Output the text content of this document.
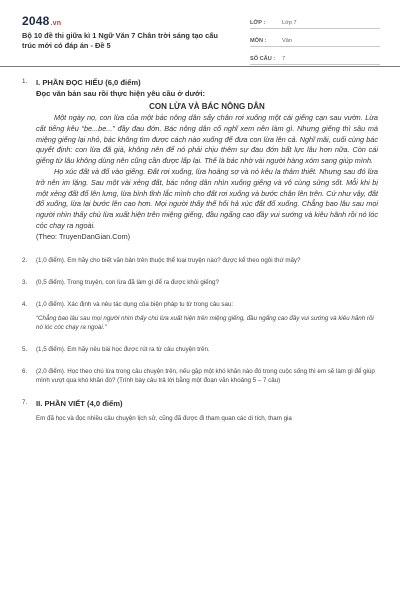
2048.vn
Bộ 10 đề thi giữa kì 1 Ngữ Văn 7 Chân trời sáng tạo cấu trúc mới có đáp án - Đề 5
LỚP :	Lớp 7
MÔN :	Văn
SỐ CÂU :	7
1. I. PHẦN ĐỌC HIỂU (6,0 điểm)
Đọc văn bản sau rồi thực hiện yêu cầu ở dưới:
CON LỪA VÀ BÁC NÔNG DÂN

Một ngày nọ, con lừa của một bác nông dân sẩy chân rơi xuống một cái giếng cạn sau vườn. Lừa cất tiếng kêu “be...be...” đầy đau đớn. Bác nông dân cố nghĩ xem nên làm gì. Nhưng giếng thì sâu mà miệng giếng lại nhỏ, bác không tìm được cách nào xuống để đưa con lừa lên cả. Nghĩ mãi, cuối cùng bác quyết định: con lừa đã già, không nên để nó phải chịu thêm sự đau đớn bất lực lâu hơn nữa. Còn cái giếng từ lâu không dùng nên cũng cần được lấp lại. Thế là bác nhờ vài người hàng xóm sang giúp mình.

Họ xúc đất và đổ vào giếng. Đất rơi xuống, lừa hoảng sợ và nó kêu la thảm thiết. Nhưng sau đó lừa trở nên im lặng. Sau một vài xẻng đất, bác nông dân nhìn xuống giếng và vô cùng sửng sốt. Mỗi khi bị một xẻng đất đổ lên lưng, lừa bình tĩnh lắc mình cho đất rơi xuống và bước chân lên trên. Cứ như vậy, đất đổ xuống, lừa lại bước lên cao hơn. Mọi người thấy thế hối hả xúc đất đổ xuống. Chẳng bao lâu sau mọi người nhìn thấy chú lừa xuất hiện trên miệng giếng, đầu ngẩng cao đầy vui sướng và kiêu hãnh rồi nó lóc cóc chạy ra ngoài.

(Theo: TruyenDanGian.Com)
2. (1,0 điểm). Em hãy cho biết văn bản trên thuộc thể loại truyện nào? được kể theo ngôi thứ mấy?
3. (0,5 điểm). Trong truyện, con lừa đã làm gì để ra được khỏi giếng?
4. (1,0 điểm). Xác định và nêu tác dụng của biện pháp tu từ trong câu sau:
“Chẳng bao lâu sau mọi người nhìn thấy chú lừa xuất hiện trên miệng giếng, đầu ngẩng cao đầy vui sướng và kiêu hãnh rồi nó lóc cóc chạy ra ngoài.”
5. (1,5 điểm). Em hãy nêu bài học được rút ra từ câu chuyện trên.
6. (2,0 điểm). Học theo chú lừa trong câu chuyện trên, nếu gặp một khó khăn nào đó trong cuộc sống thì em sẽ làm gì để giúp mình vượt qua khó khăn đó? (Trình bày câu trả lời bằng một đoạn văn khoảng 5 – 7 câu)
7. II. PHẦN VIẾT (4,0 điểm)
Em đã học và đọc nhiều câu chuyện lịch sử, cũng đã được đi tham quan các di tích, tham gia
